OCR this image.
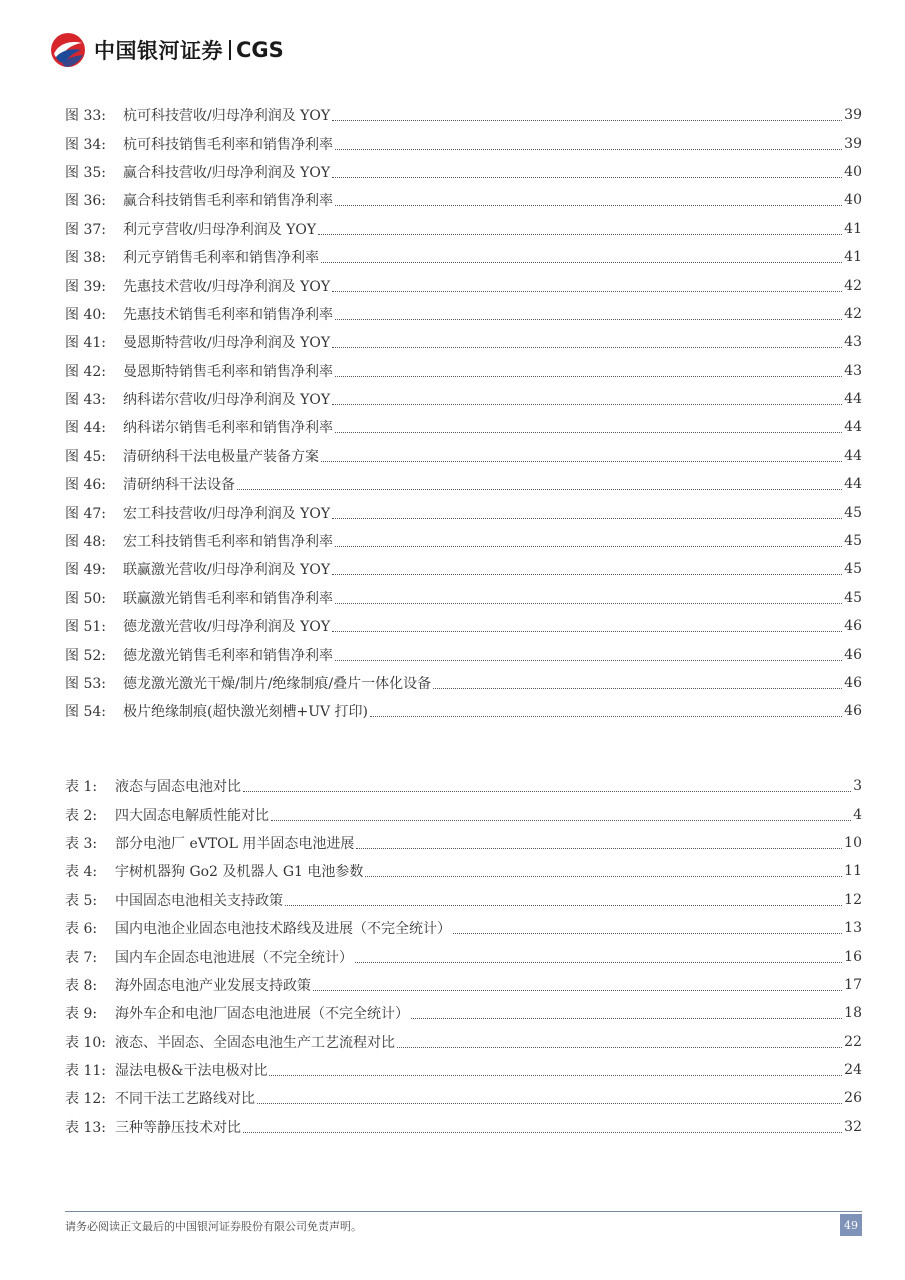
中国银河证券 CGS
图 33:	杭可科技营收/归母净利润及 YOY	39
图 34:	杭可科技销售毛利率和销售净利率	39
图 35:	赢合科技营收/归母净利润及 YOY	40
图 36:	赢合科技销售毛利率和销售净利率	40
图 37:	利元亨营收/归母净利润及 YOY	41
图 38:	利元亨销售毛利率和销售净利率	41
图 39:	先惠技术营收/归母净利润及 YOY	42
图 40:	先惠技术销售毛利率和销售净利率	42
图 41:	曼恩斯特营收/归母净利润及 YOY	43
图 42:	曼恩斯特销售毛利率和销售净利率	43
图 43:	纳科诺尔营收/归母净利润及 YOY	44
图 44:	纳科诺尔销售毛利率和销售净利率	44
图 45:	清研纳科干法电极量产装备方案	44
图 46:	清研纳科干法设备	44
图 47:	宏工科技营收/归母净利润及 YOY	45
图 48:	宏工科技销售毛利率和销售净利率	45
图 49:	联赢激光营收/归母净利润及 YOY	45
图 50:	联赢激光销售毛利率和销售净利率	45
图 51:	德龙激光营收/归母净利润及 YOY	46
图 52:	德龙激光销售毛利率和销售净利率	46
图 53:	德龙激光激光干燥/制片/绝缘制痕/叠片一体化设备	46
图 54:	极片绝缘制痕(超快激光刻槽+UV 打印)	46
表 1:	液态与固态电池对比	3
表 2:	四大固态电解质性能对比	4
表 3:	部分电池厂 eVTOL 用半固态电池进展	10
表 4:	宇树机器狗 Go2 及机器人 G1 电池参数	11
表 5:	中国固态电池相关支持政策	12
表 6:	国内电池企业固态电池技术路线及进展（不完全统计）	13
表 7:	国内车企固态电池进展（不完全统计）	16
表 8:	海外固态电池产业发展支持政策	17
表 9:	海外车企和电池厂固态电池进展（不完全统计）	18
表 10: 液态、半固态、全固态电池生产工艺流程对比	22
表 11: 湿法电极&干法电极对比	24
表 12: 不同干法工艺路线对比	26
表 13: 三种等静压技术对比	32
请务必阅读正文最后的中国银河证券股份有限公司免责声明。	49
